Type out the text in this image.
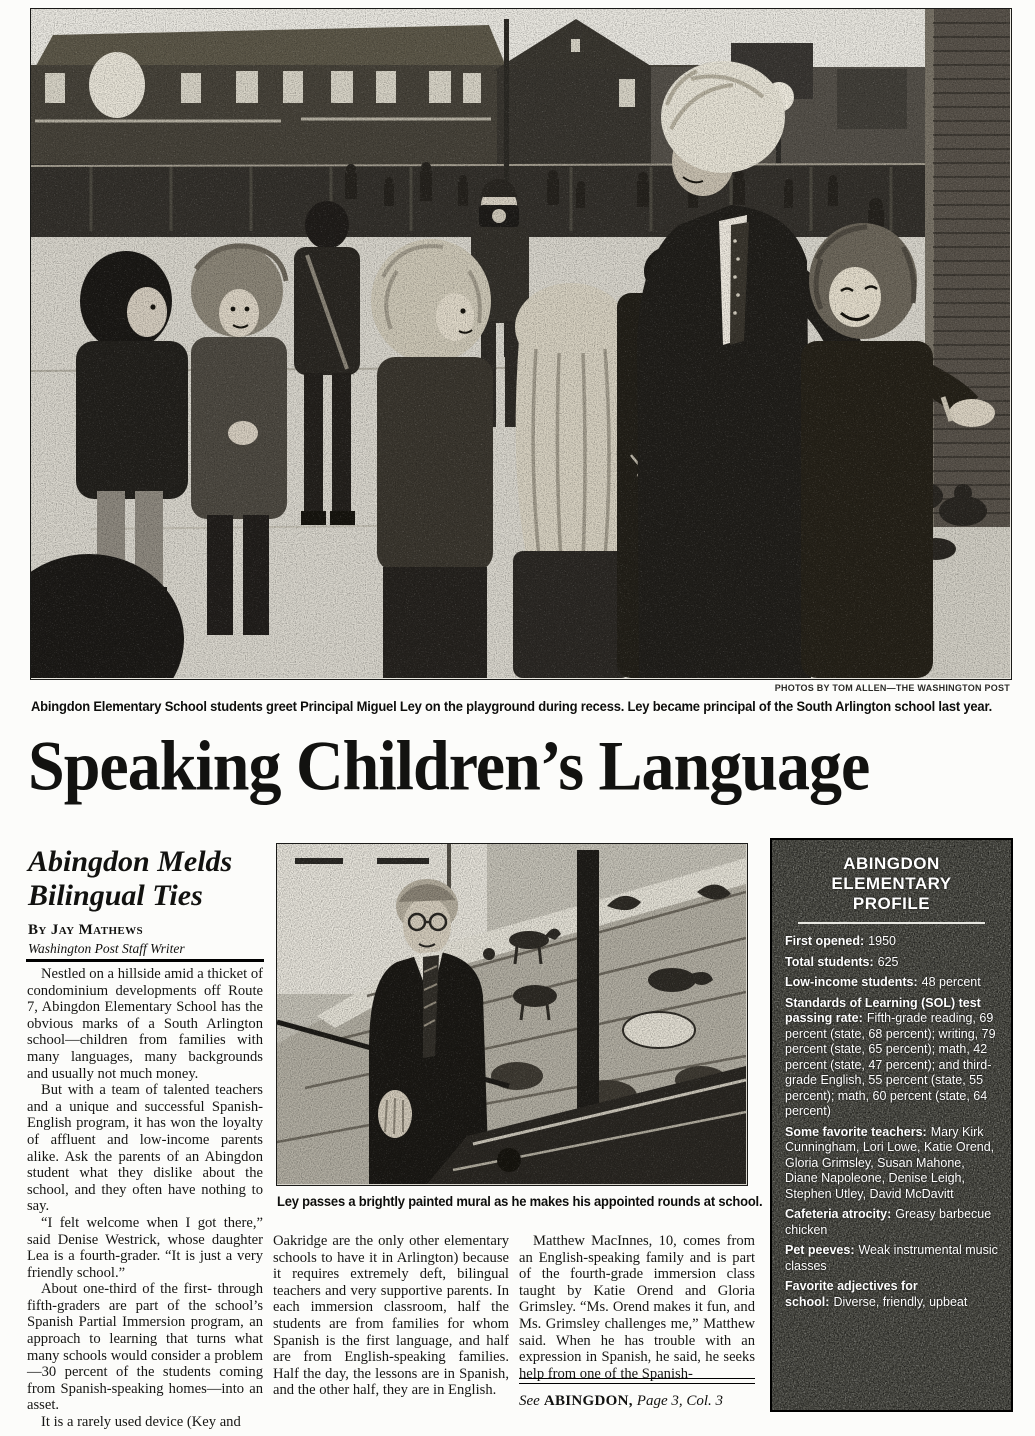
PHOTOS BY TOM ALLEN—THE WASHINGTON POST
Abingdon Elementary School students greet Principal Miguel Ley on the playground during recess. Ley became principal of the South Arlington school last year.
Speaking Children’s Language
Abingdon Melds
Bilingual Ties
By Jay Mathews
Washington Post Staff Writer

Nestled on a hillside amid a thicket of condominium developments off Route 7, Abingdon Elementary School has the obvious marks of a South Arlington school—children from families with many languages, many backgrounds and usually not much money.

But with a team of talented teachers and a unique and successful Spanish-English program, it has won the loyalty of affluent and low-income parents alike. Ask the parents of an Abingdon student what they dislike about the school, and they often have nothing to say.

“I felt welcome when I got there,” said Denise Westrick, whose daughter Lea is a fourth-grader. “It is just a very friendly school.”

About one-third of the first- through fifth-graders are part of the school’s Spanish Partial Immersion program, an approach to learning that turns what many schools would consider a problem—30 percent of the students coming from Spanish-speaking homes—into an asset.

It is a rarely used device (Key and

Oakridge are the only other elementary schools to have it in Arlington) because it requires extremely deft, bilingual teachers and very supportive parents. In each immersion classroom, half the students are from families for whom Spanish is the first language, and half are from English-speaking families. Half the day, the lessons are in Spanish, and the other half, they are in English.

Matthew MacInnes, 10, comes from an English-speaking family and is part of the fourth-grade immersion class taught by Katie Orend and Gloria Grimsley. “Ms. Orend makes it fun, and Ms. Grimsley challenges me,” Matthew said. When he has trouble with an expression in Spanish, he said, he seeks help from one of the Spanish-

See ABINGDON, Page 3, Col. 3
Ley passes a brightly painted mural as he makes his appointed rounds at school.
ABINGDON
ELEMENTARY
PROFILE

First opened: 1950

Total students: 625

Low-income students: 48 percent

Standards of Learning (SOL) test passing rate: Fifth-grade reading, 69 percent (state, 68 percent); writing, 79 percent (state, 65 percent); math, 42 percent (state, 47 percent); and third-grade English, 55 percent (state, 55 percent); math, 60 percent (state, 64 percent)

Some favorite teachers: Mary Kirk Cunningham, Lori Lowe, Katie Orend, Gloria Grimsley, Susan Mahone, Diane Napoleone, Denise Leigh, Stephen Utley, David McDavitt

Cafeteria atrocity: Greasy barbecue chicken

Pet peeves: Weak instrumental music classes

Favorite adjectives for school: Diverse, friendly, upbeat
